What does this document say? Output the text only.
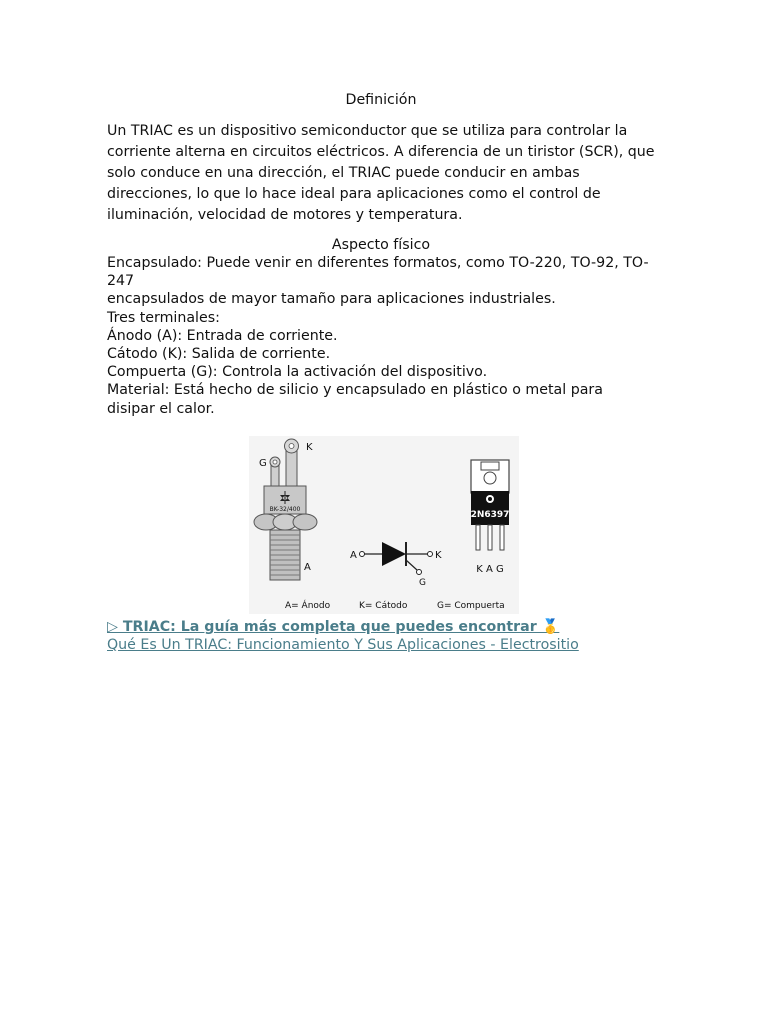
Definición

Un TRIAC es un dispositivo semiconductor que se utiliza para controlar la corriente alterna en circuitos eléctricos. A diferencia de un tiristor (SCR), que solo conduce en una dirección, el TRIAC puede conducir en ambas direcciones, lo que lo hace ideal para aplicaciones como el control de iluminación, velocidad de motores y temperatura.

Aspecto físico

Encapsulado: Puede venir en diferentes formatos, como TO-220, TO-92, TO-247

encapsulados de mayor tamaño para aplicaciones industriales.

Tres terminales:

Ánodo (A): Entrada de corriente.

Cátodo (K): Salida de corriente.

Compuerta (G): Controla la activación del dispositivo.

Material: Está hecho de silicio y encapsulado en plástico o metal para disipar el calor.

BK-32/400
K
G
A
2N6397
K A G
A	K
G
A= Ánodo	K= Cátodo	G= Compuerta
▷ TRIAC: La guía más completa que puedes encontrar 🥇
Qué Es Un TRIAC: Funcionamiento Y Sus Aplicaciones - Electrositio
